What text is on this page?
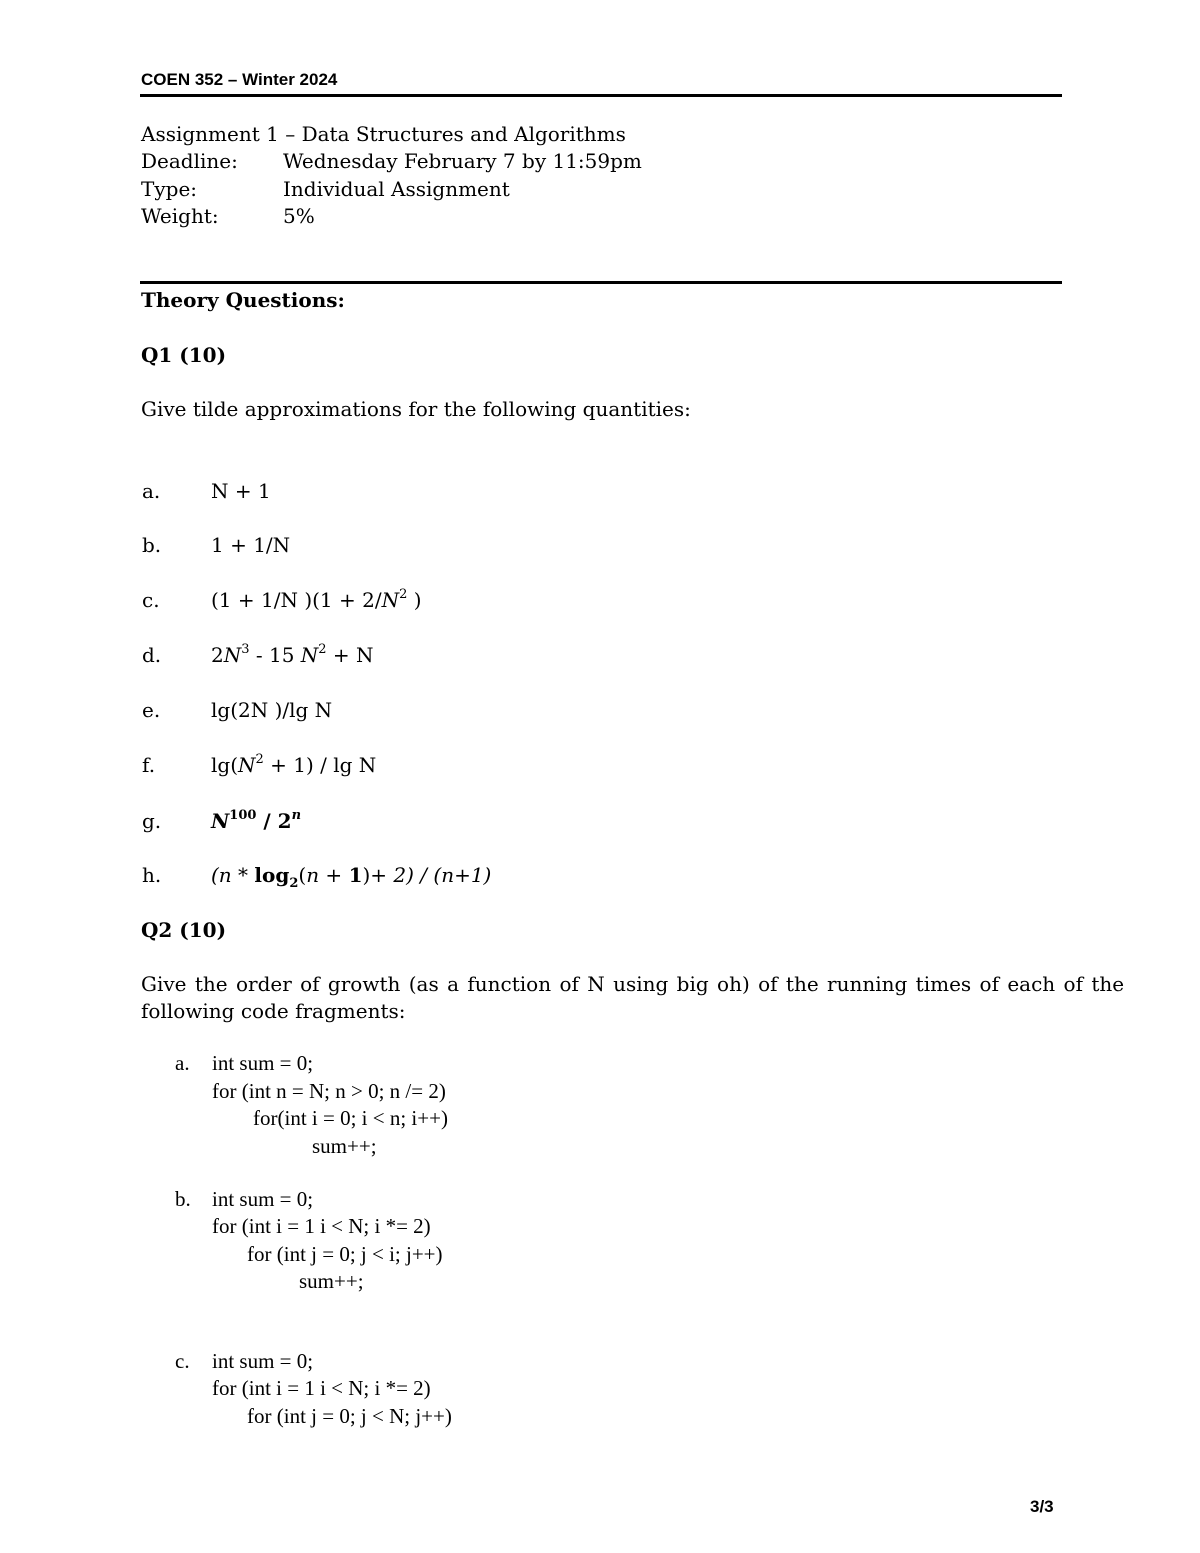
COEN 352 – Winter 2024
Assignment 1 – Data Structures and Algorithms
Deadline: Wednesday February 7 by 11:59pm
Type:	Individual Assignment
Weight:	5%
Theory Questions:
Q1 (10)
Give tilde approximations for the following quantities:
a.	N + 1
b. 1 + 1/N
c.	(1 + 1/N )($1 + 2/N^2$ )
d. $2N^3 - 15$ $N^2 + N$
e.	lg(2N )/lg N
f.	$\lg(N^2 + 1) / \lg N$
g. $N^{100} / 2^n$
h. $(n * \log_2(n + 1)+ 2) / (n+1)$
Q2 (10)
Give the order of growth (as a function of N using big oh) of the running times of each of the
following code fragments:
a. int sum = 0;
for (int n = N; n > 0; n /= 2)
for(int i = 0; i < n; i++)
sum++;
b. int sum = 0;
for (int i = 1 i < N; i *= 2)
for (int j = 0; j < i; j++)
sum++;
c. int sum = 0;
for (int i = 1 i < N; i *= 2)
for (int j = 0; j < N; j++)
3/3
